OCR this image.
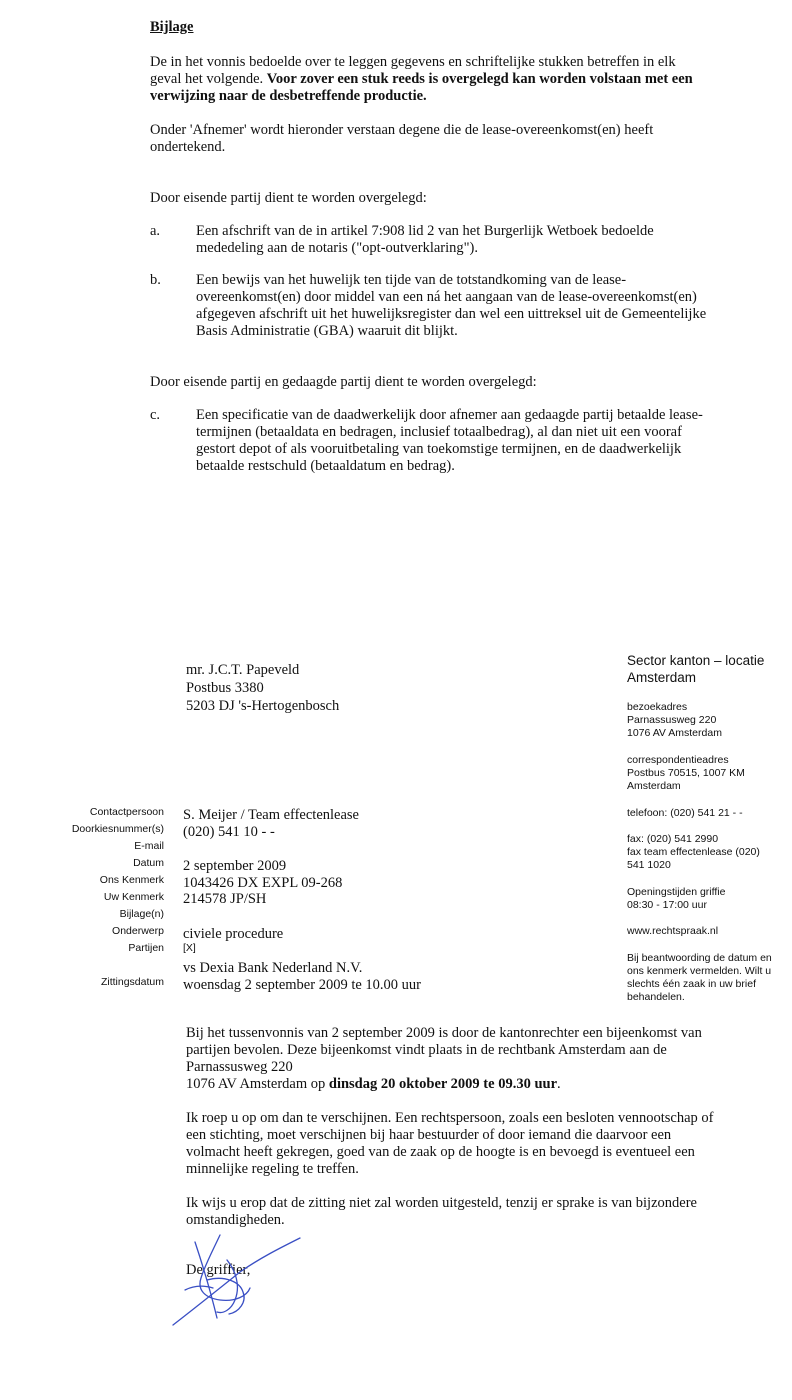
Bijlage
De in het vonnis bedoelde over te leggen gegevens en schriftelijke stukken betreffen in elk geval het volgende. Voor zover een stuk reeds is overgelegd kan worden volstaan met een verwijzing naar de desbetreffende productie.
Onder 'Afnemer' wordt hieronder verstaan degene die de lease-overeenkomst(en) heeft ondertekend.
Door eisende partij dient te worden overgelegd:
a. Een afschrift van de in artikel 7:908 lid 2 van het Burgerlijk Wetboek bedoelde mededeling aan de notaris ("opt-outverklaring").
b. Een bewijs van het huwelijk ten tijde van de totstandkoming van de lease-overeenkomst(en) door middel van een ná het aangaan van de lease-overeenkomst(en) afgegeven afschrift uit het huwelijksregister dan wel een uittreksel uit de Gemeentelijke Basis Administratie (GBA) waaruit dit blijkt.
Door eisende partij en gedaagde partij dient te worden overgelegd:
c. Een specificatie van de daadwerkelijk door afnemer aan gedaagde partij betaalde lease-termijnen (betaaldata en bedragen, inclusief totaalbedrag), al dan niet uit een vooraf gestort depot of als vooruitbetaling van toekomstige termijnen, en de daadwerkelijk betaalde restschuld (betaaldatum en bedrag).
mr. J.C.T. Papeveld
Postbus 3380
5203 DJ 's-Hertogenbosch
Sector kanton – locatie Amsterdam
bezoekadres
Parnassusweg 220
1076 AV Amsterdam
correspondentieadres
Postbus 70515, 1007 KM Amsterdam
telefoon: (020) 541 21 - -
fax: (020) 541 2990
fax team effectenlease (020) 541 1020
Openingstijden griffie
08:30 - 17:00 uur
www.rechtspraak.nl
Bij beantwoording de datum en ons kenmerk vermelden. Wilt u slechts één zaak in uw brief behandelen.
Contactpersoon
Doorkiesnummer(s)
E-mail
Datum
Ons Kenmerk
Uw Kenmerk
Bijlage(n)
Onderwerp
Partijen
Zittingsdatum
S. Meijer / Team effectenlease
(020) 541 10 - -
2 september 2009
1043426 DX EXPL 09-268
214578 JP/SH
civiele procedure
[X]
vs Dexia Bank Nederland N.V.
woensdag 2 september 2009 te 10.00 uur
Bij het tussenvonnis van 2 september 2009 is door de kantonrechter een bijeenkomst van partijen bevolen. Deze bijeenkomst vindt plaats in de rechtbank Amsterdam aan de Parnassusweg 220
1076 AV Amsterdam op dinsdag 20 oktober 2009 te 09.30 uur.
Ik roep u op om dan te verschijnen. Een rechtspersoon, zoals een besloten vennootschap of een stichting, moet verschijnen bij haar bestuurder of door iemand die daarvoor een volmacht heeft gekregen, goed van de zaak op de hoogte is en bevoegd is eventueel een minnelijke regeling te treffen.
Ik wijs u erop dat de zitting niet zal worden uitgesteld, tenzij er sprake is van bijzondere omstandigheden.
De griffier,
